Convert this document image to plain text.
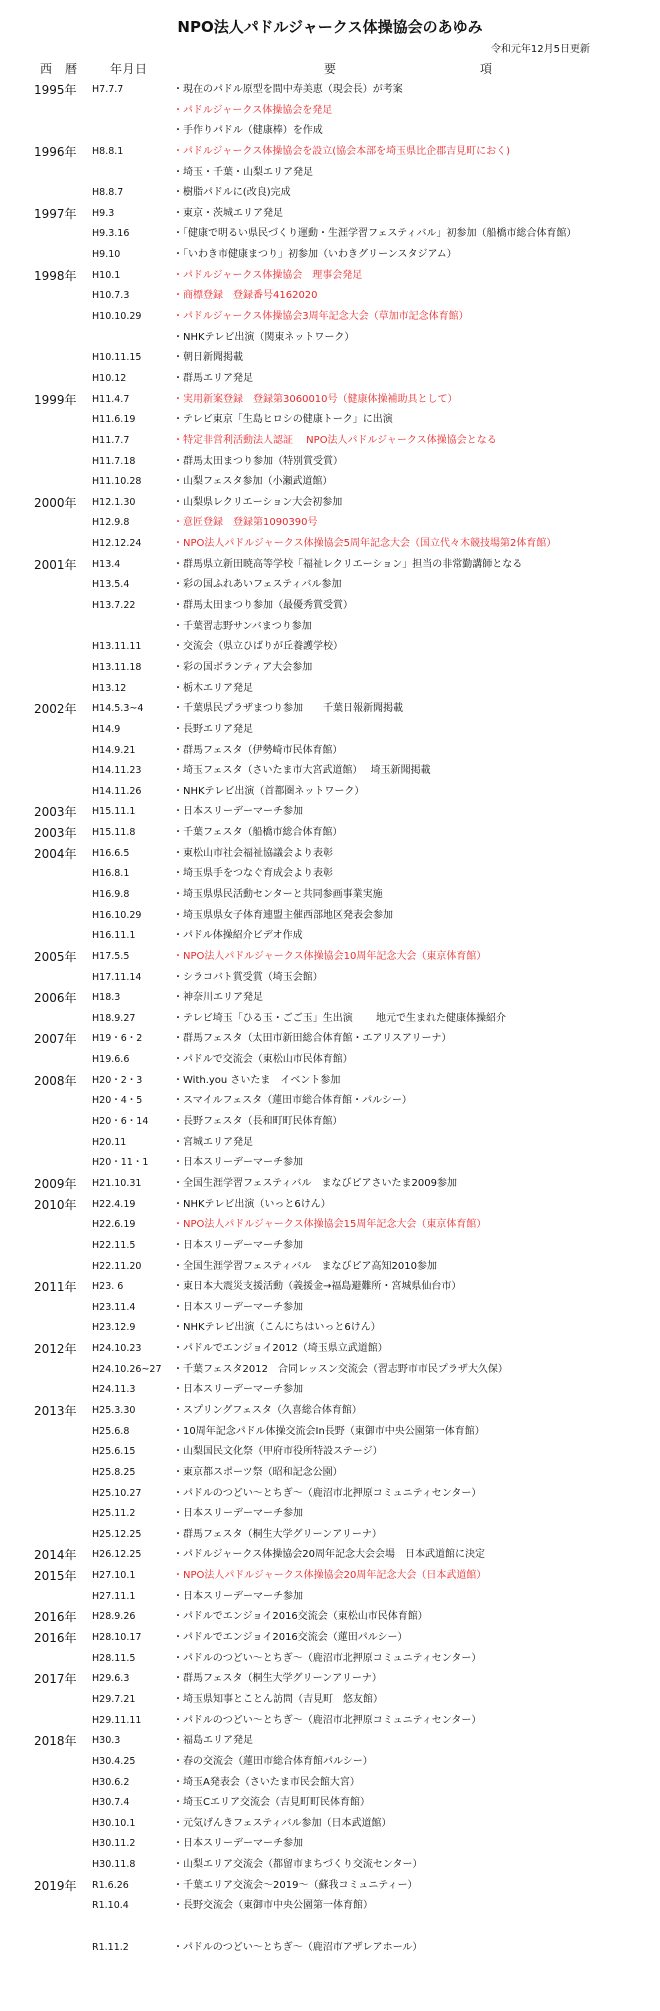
NPO法人パドルジャークス体操協会のあゆみ
令和元年12月5日更新
西　暦	年月日	要	項
1995年 H7.7.7	・現在のパドル原型を間中寿美恵（現会長）が考案
・パドルジャークス体操協会を発足
・手作りパドル（健康棒）を作成
1996年 H8.8.1	・パドルジャークス体操協会を設立(協会本部を埼玉県比企郡吉見町におく)
・埼玉・千葉・山梨エリア発足
H8.8.7	・樹脂パドルに(改良)完成
1997年 H9.3	・東京・茨城エリア発足
H9.3.16	・「健康で明るい県民づくり運動・生涯学習フェスティバル」初参加（船橋市総合体育館）
H9.10	・「いわき市健康まつり」初参加（いわきグリーンスタジアム）
1998年 H10.1	・パドルジャークス体操協会　理事会発足
H10.7.3	・商標登録　登録番号4162020
H10.10.29	・パドルジャークス体操協会3周年記念大会（草加市記念体育館）
・NHKテレビ出演（関東ネットワーク）
H10.11.15	・朝日新聞掲載
H10.12	・群馬エリア発足
1999年 H11.4.7	・実用新案登録　登録第3060010号（健康体操補助具として）
H11.6.19	・テレビ東京「生島ヒロシの健康トーク」に出演
H11.7.7	・特定非営利活動法人認証　 NPO法人パドルジャークス体操協会となる
H11.7.18	・群馬太田まつり参加（特別賞受賞）
H11.10.28	・山梨フェスタ参加（小瀬武道館）
2000年 H12.1.30	・山梨県レクリエーション大会初参加
H12.9.8	・意匠登録　登録第1090390号
H12.12.24	・NPO法人パドルジャークス体操協会5周年記念大会（国立代々木競技場第2体育館）
2001年 H13.4	・群馬県立新田暁高等学校「福祉レクリエーション」担当の非常勤講師となる
H13.5.4	・彩の国ふれあいフェスティバル参加
H13.7.22	・群馬太田まつり参加（最優秀賞受賞）
・千葉習志野サンバまつり参加
H13.11.11	・交流会（県立ひばりが丘養護学校）
H13.11.18	・彩の国ボランティア大会参加
H13.12	・栃木エリア発足
2002年 H14.5.3~4	・千葉県民プラザまつり参加　　千葉日報新聞掲載
H14.9	・長野エリア発足
H14.9.21	・群馬フェスタ（伊勢崎市民体育館）
H14.11.23	・埼玉フェスタ（さいたま市大宮武道館）　 埼玉新聞掲載
H14.11.26	・NHKテレビ出演（首都圏ネットワーク）
2003年 H15.11.1	・日本スリーデーマーチ参加
2003年 H15.11.8	・千葉フェスタ（船橋市総合体育館）
2004年 H16.6.5	・東松山市社会福祉協議会より表彰
H16.8.1	・埼玉県手をつなぐ育成会より表彰
H16.9.8	・埼玉県県民活動センターと共同参画事業実施
H16.10.29	・埼玉県県女子体育連盟主催西部地区発表会参加
H16.11.1	・パドル体操紹介ビデオ作成
2005年 H17.5.5	・NPO法人パドルジャークス体操協会10周年記念大会（東京体育館）
H17.11.14	・シラコバト賞受賞（埼玉会館）
2006年 H18.3	・神奈川エリア発足
H18.9.27	・テレビ埼玉「ひる玉・ごご玉」生出演　　 地元で生まれた健康体操紹介
2007年 H19・6・2	・群馬フェスタ（太田市新田総合体育館・エアリスアリーナ）
H19.6.6	・パドルで交流会（東松山市民体育館）
2008年 H20・2・3	・With.you さいたま　イベント参加
H20・4・5	・スマイルフェスタ（蓮田市総合体育館・パルシー）
H20・6・14 ・長野フェスタ（長和町町民体育館）
H20.11	・宮城エリア発足
H20・11・1 ・日本スリーデーマーチ参加
2009年 H21.10.31	・全国生涯学習フェスティバル　まなびピアさいたま2009参加
2010年 H22.4.19	・NHKテレビ出演（いっと6けん）
H22.6.19	・NPO法人パドルジャークス体操協会15周年記念大会（東京体育館）
H22.11.5	・日本スリーデーマーチ参加
H22.11.20	・全国生涯学習フェスティバル　まなびピア高知2010参加
2011年 H23. 6	・東日本大震災支援活動（義援金→福島避難所・宮城県仙台市）
H23.11.4	・日本スリーデーマーチ参加
H23.12.9	・NHKテレビ出演（こんにちはいっと6けん）
2012年 H24.10.23	・パドルでエンジョイ2012（埼玉県立武道館）
H24.10.26~27 ・千葉フェスタ2012　合同レッスン交流会（習志野市市民プラザ大久保）
H24.11.3	・日本スリーデーマーチ参加
2013年 H25.3.30	・スプリングフェスタ（久喜総合体育館）
H25.6.8	・10周年記念パドル体操交流会In長野（東御市中央公園第一体育館）
H25.6.15	・山梨国民文化祭（甲府市役所特設ステージ）
H25.8.25	・東京都スポーツ祭（昭和記念公園）
H25.10.27	・パドルのつどい～とちぎ～（鹿沼市北押原コミュニティセンター）
H25.11.2	・日本スリーデーマーチ参加
H25.12.25	・群馬フェスタ（桐生大学グリーンアリーナ）
2014年 H26.12.25	・パドルジャークス体操協会20周年記念大会会場　日本武道館に決定
2015年 H27.10.1	・NPO法人パドルジャークス体操協会20周年記念大会（日本武道館）
H27.11.1	・日本スリーデーマーチ参加
2016年 H28.9.26	・パドルでエンジョイ2016交流会（東松山市民体育館）
2016年 H28.10.17	・パドルでエンジョイ2016交流会（蓮田パルシー）
H28.11.5	・パドルのつどい～とちぎ～（鹿沼市北押原コミュニティセンター）
2017年 H29.6.3	・群馬フェスタ（桐生大学グリーンアリーナ）
H29.7.21	・埼玉県知事とことん訪問（吉見町　悠友館）
H29.11.11	・パドルのつどい～とちぎ～（鹿沼市北押原コミュニティセンター）
2018年 H30.3	・福島エリア発足
H30.4.25	・春の交流会（蓮田市総合体育館パルシー）
H30.6.2	・埼玉A発表会（さいたま市民会館大宮）
H30.7.4	・埼玉Cエリア交流会（吉見町町民体育館）
H30.10.1	・元気げんきフェスティバル参加（日本武道館）
H30.11.2	・日本スリーデーマーチ参加
H30.11.8	・山梨エリア交流会（都留市まちづくり交流センター）
2019年 R1.6.26	・千葉エリア交流会～2019～（蘇我コミュニティー）
R1.10.4	・長野交流会（東御市中央公園第一体育館）
R1.11.2	・パドルのつどい～とちぎ～（鹿沼市アザレアホール）
